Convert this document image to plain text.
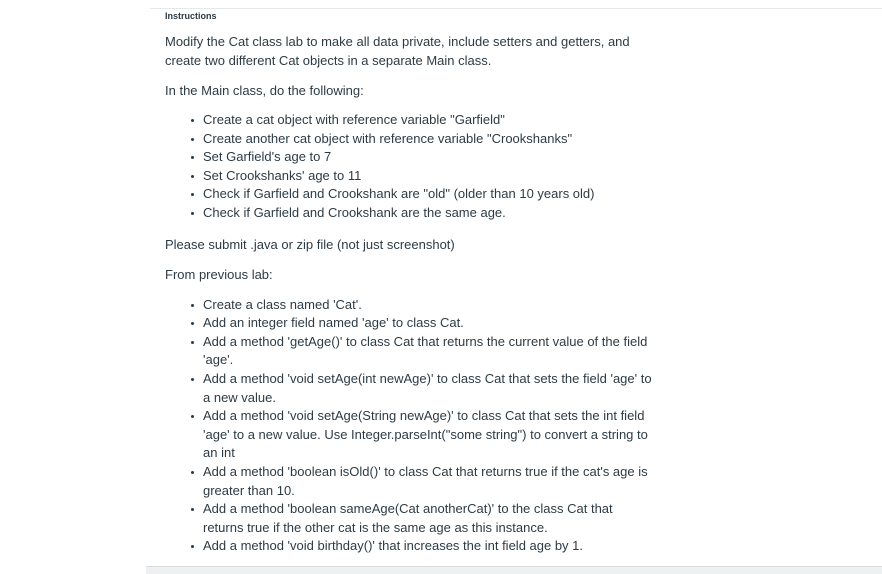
Instructions

Modify the Cat class lab to make all data private, include setters and getters, and create two different Cat objects in a separate Main class.

In the Main class, do the following:

Create a cat object with reference variable "Garfield"
Create another cat object with reference variable "Crookshanks"
Set Garfield's age to 7
Set Crookshanks' age to 11
Check if Garfield and Crookshank are "old" (older than 10 years old)
Check if Garfield and Crookshank are the same age.

Please submit .java or zip file (not just screenshot)

From previous lab:

Create a class named 'Cat'.
Add an integer field named 'age' to class Cat.
Add a method 'getAge()' to class Cat that returns the current value of the field 'age'.
Add a method 'void setAge(int newAge)' to class Cat that sets the field 'age' to a new value.
Add a method 'void setAge(String newAge)' to class Cat that sets the int field 'age' to a new value. Use Integer.parseInt("some string") to convert a string to an int
Add a method 'boolean isOld()' to class Cat that returns true if the cat's age is greater than 10.
Add a method 'boolean sameAge(Cat anotherCat)' to the class Cat that returns true if the other cat is the same age as this instance.
Add a method 'void birthday()' that increases the int field age by 1.
